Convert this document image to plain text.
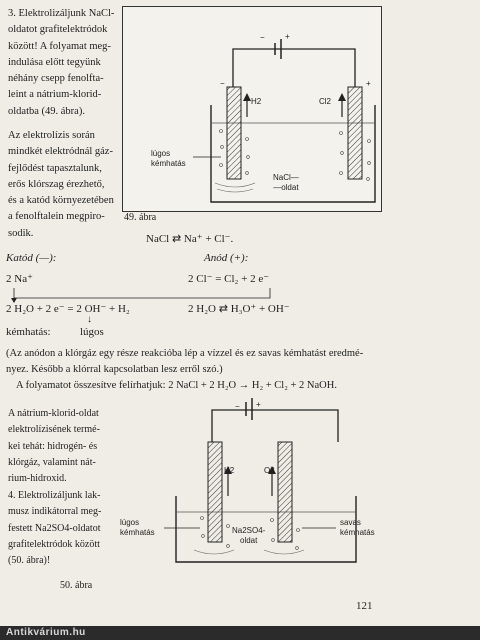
3. Elektrolizáljunk NaCl-

oldatot grafitelektródok

között! A folyamat meg-

indulása előtt tegyünk

néhány csepp fenolfta-

leint a nátrium-klorid-

oldatba (49. ábra).

Az elektrolízis során

mindkét elektródnál gáz-

fejlődést tapasztalunk,

erős klórszag érezhető,

és a katód környezetében

a fenolftalein megpiro-

sodik.

−	+
−	+
H2	Cl2
lúgos
kémhatás
NaCl—
—oldat
49. ábra
NaCl ⇄ Na⁺ + Cl⁻.
Katód (—):	Anód (+):
2 Na⁺	2 Cl⁻ = Cl₂ + 2 e⁻
2 H₂O + 2 e⁻ = 2 OH⁻ + H₂	2 H₂O ⇄ H₃O⁺ + OH⁻
↓
kémhatás:	lúgos
(Az anódon a klórgáz egy része reakcióba lép a vízzel és ez savas kémhatást eredmé-
nyez. Később a klórral kapcsolatban lesz erről szó.)
A folyamatot összesítve felírhatjuk: 2 NaCl + 2 H₂O → H₂ + Cl₂ + 2 NaOH.

A nátrium-klorid-oldat

elektrolízisének termé-

kei tehát: hidrogén- és

klórgáz, valamint nát-

rium-hidroxid.

4. Elektrolizáljunk lak-

musz indikátorral meg-

festett Na2SO4-oldatot

grafitelektródok között

(50. ábra)!

− +
H2	O2
lúgos
kémhatás
savas
kémhatás
Na2SO4-
oldat
50. ábra
121
Antikvárium.hu
